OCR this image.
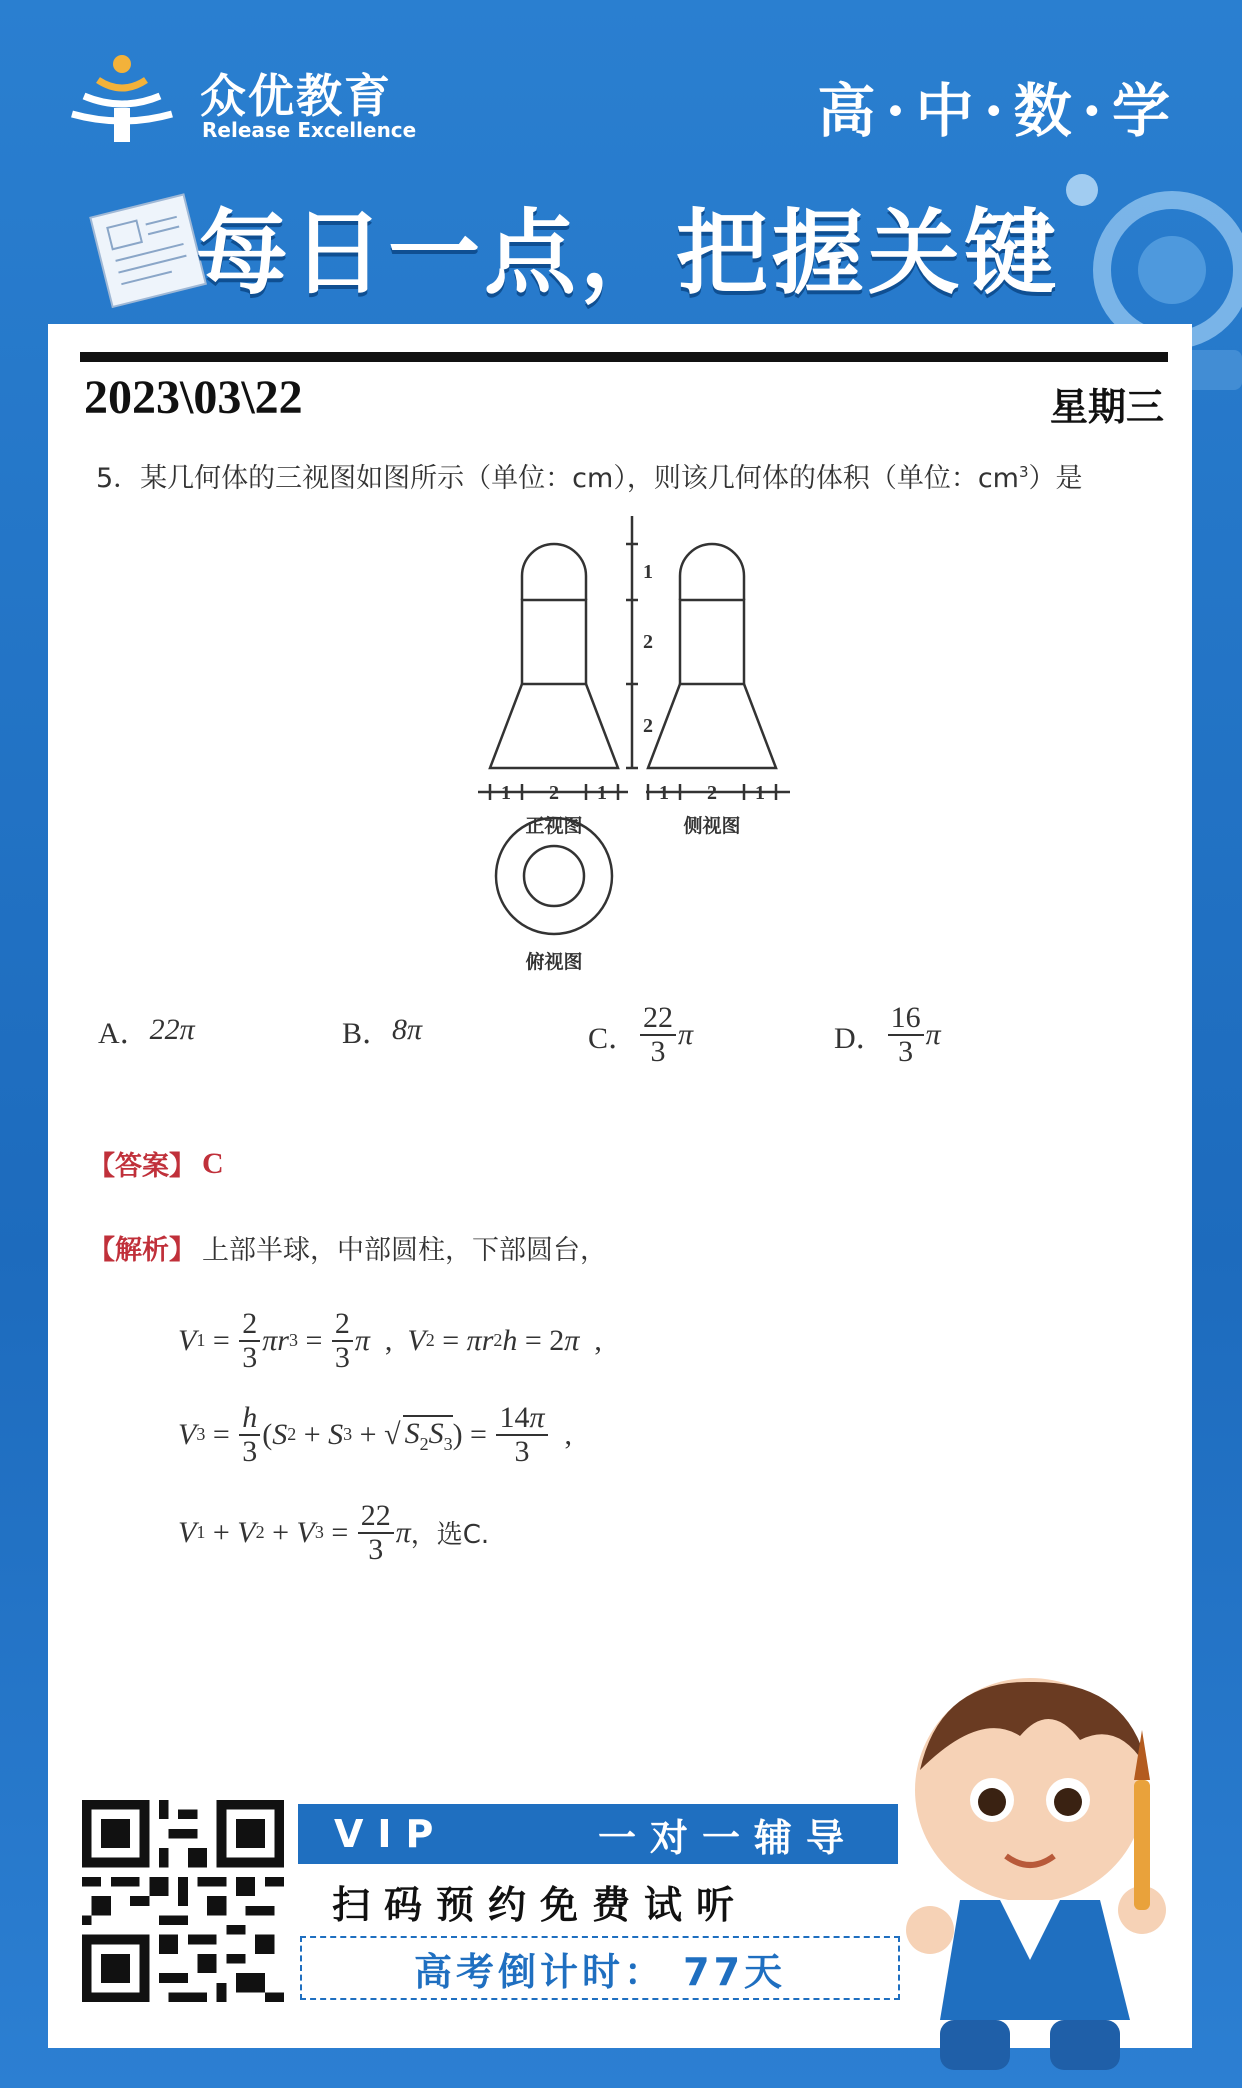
众优教育
Release Excellence	高·中·数·学
每日一点，把握关键
2023\03\22	星期三
5．某几何体的三视图如图所示（单位：cm），则该几何体的体积（单位：$cm^3$）是
1
2
2
1 2 1	1 2 1
正视图	侧视图
俯视图
A． 22π	B． 8π	C． $\frac{22}{3}$ π	D． $\frac{16}{3}$ π
【答案】 C
【解析】 上部半球，中部圆柱，下部圆台，
V $1 = \frac{2}{3}$ πr $3 = \frac{2}{3}$ π , V 2 = πr 2 h = 2 π ,
V $3 = \frac{h}{3}$ ( S 2 + S 3 + √ $S_2S_3$ ) = $\frac{14\pi}{3}$ ,
V 1 + V 2 + V $3 = \frac{22}{3}$ π ，选C.
VIP	一对一辅导
扫码预约免费试听
高考倒计时： 77天
